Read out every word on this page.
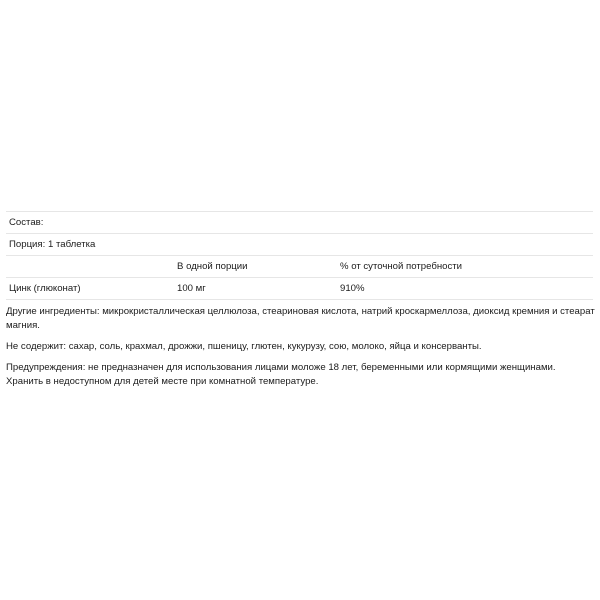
Состав:		
Порция: 1 таблетка		
	В одной порции	% от суточной потребности
Цинк (глюконат)	100 мг	910%

Другие ингредиенты: микрокристаллическая целлюлоза, стеариновая кислота, натрий кроскармеллоза, диоксид кремния и стеарат магния.

Не содержит: сахар, соль, крахмал, дрожжи, пшеницу, глютен, кукурузу, сою, молоко, яйца и консерванты.

Предупреждения: не предназначен для использования лицами моложе 18 лет, беременными или кормящими женщинами.
Хранить в недоступном для детей месте при комнатной температуре.
